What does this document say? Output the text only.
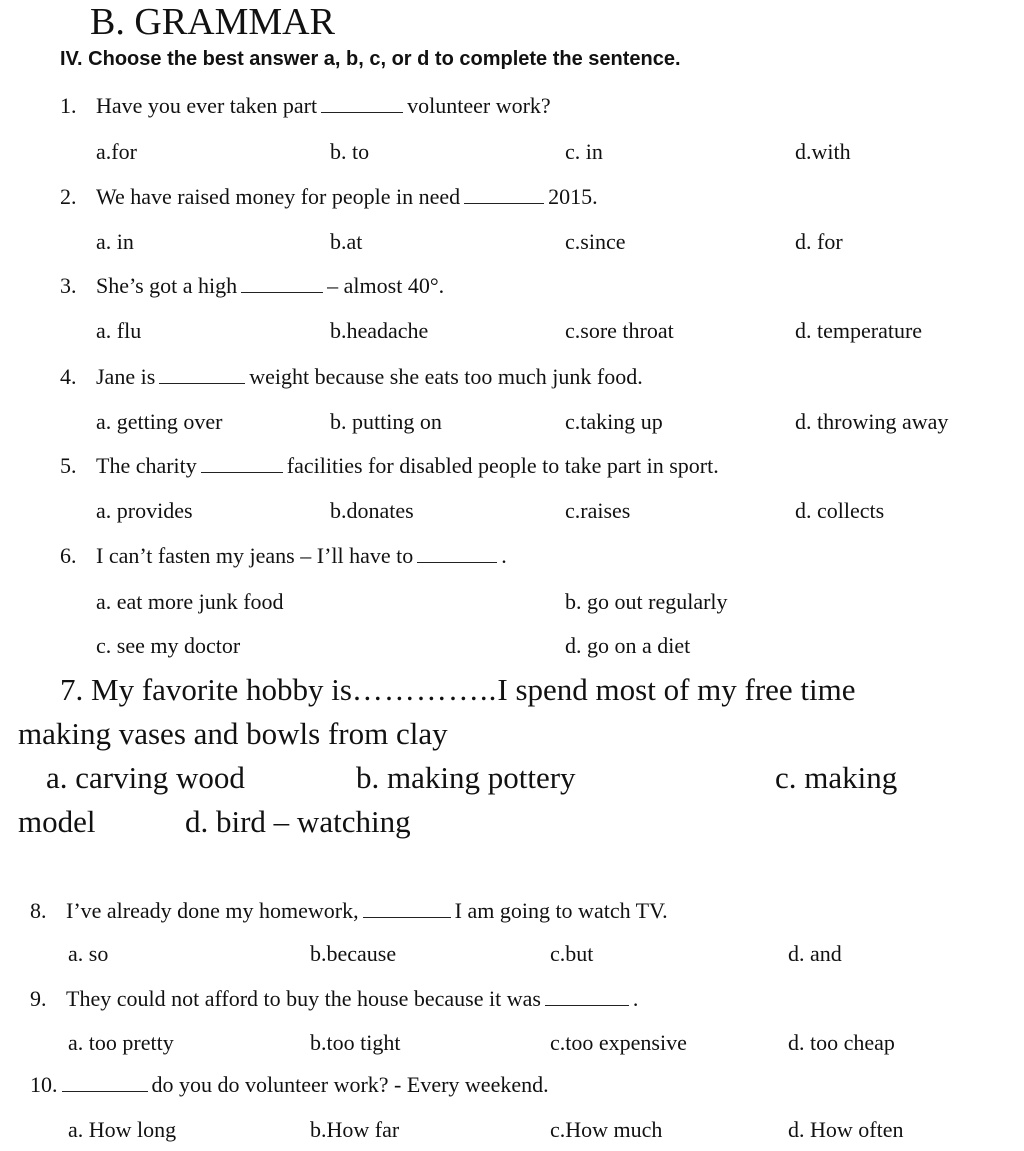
B. GRAMMAR
IV. Choose the best answer a, b, c, or d to complete the sentence.
1. Have you ever taken part	volunteer work?
a.for	b. to	c. in	d.with
2. We have raised money for people in need	2015.
a. in	b.at	c.since	d. for
3. She’s got a high	– almost 40°.
a. flu	b.headache	c.sore throat	d. temperature
4. Jane is	weight because she eats too much junk food.
a. getting over	b. putting on	c.taking up	d. throwing away
5. The charity	facilities for disabled people to take part in sport.
a. provides	b.donates	c.raises	d. collects
6. I can’t fasten my jeans – I’ll have to	.
a. eat more junk food	b. go out regularly
c. see my doctor	d. go on a diet
7. My favorite hobby is…………..I spend most of my free time
making vases and bowls from clay
a. carving wood	b. making pottery	c. making
model	d. bird – watching
8. I’ve already done my homework,	I am going to watch TV.
a. so	b.because	c.but	d. and
9. They could not afford to buy the house because it was	.
a. too pretty	b.too tight	c.too expensive	d. too cheap
10.	do you do volunteer work? - Every weekend.
a. How long	b.How far	c.How much	d. How often
